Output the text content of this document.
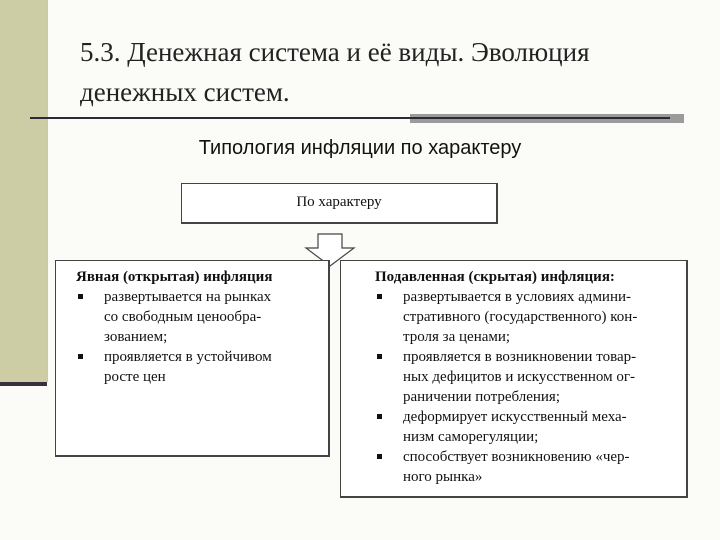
5.3. Денежная система и её виды. Эволюция
денежных систем.
Типология инфляции по характеру
По характеру
Явная (открытая) инфляция
развертывается на рынках
со свободным ценообра-
зованием;
проявляется в устойчивом
росте цен
Подавленная (скрытая) инфляция:
развертывается в условиях админи-
стративного (государственного) кон-
троля за ценами;
проявляется в возникновении товар-
ных дефицитов и искусственном ог-
раничении потребления;
деформирует искусственный меха-
низм саморегуляции;
способствует возникновению «чер-
ного рынка»
